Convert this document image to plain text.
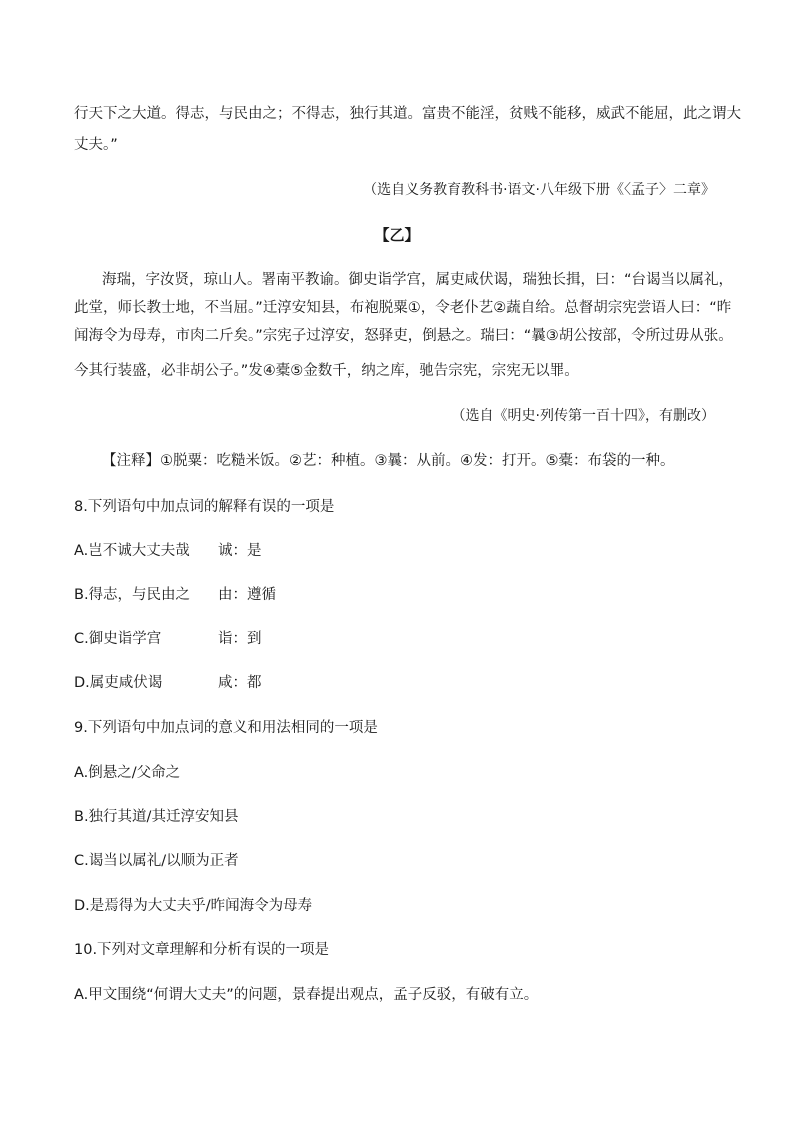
行天下之大道。得志，与民由之；不得志，独行其道。富贵不能淫，贫贱不能移，威武不能屈，此之谓大
丈夫。”
（选自义务教育教科书·语文·八年级下册《〈孟子〉二章》
【乙】
海瑞，字汝贤，琼山人。署南平教谕。御史诣学宫，属吏咸伏谒，瑞独长揖，曰：“台谒当以属礼，
此堂，师长教士地，不当屈。”迁淳安知县，布袍脱粟①，令老仆艺②蔬自给。总督胡宗宪尝语人曰：“昨
闻海令为母寿，市肉二斤矣。”宗宪子过淳安，怒驿吏，倒悬之。瑞曰：“曩③胡公按部，令所过毋从张。
今其行装盛，必非胡公子。”发④橐⑤金数千，纳之库，驰告宗宪，宗宪无以罪。
（选自《明史·列传第一百十四》，有删改）
【注释】①脱粟：吃糙米饭。②艺：种植。③曩：从前。④发：打开。⑤橐：布袋的一种。
8.下列语句中加点词的解释有误的一项是
A.岂不诚大丈夫哉 诚：是
B.得志，与民由之 由：遵循
C.御史诣学宫	诣：到
D.属吏咸伏谒	咸：都
9.下列语句中加点词的意义和用法相同的一项是
A.倒悬之/父命之
B.独行其道/其迁淳安知县
C.谒当以属礼/以顺为正者
D.是焉得为大丈夫乎/昨闻海令为母寿
10.下列对文章理解和分析有误的一项是
A.甲文围绕“何谓大丈夫”的问题，景春提出观点，孟子反驳，有破有立。
